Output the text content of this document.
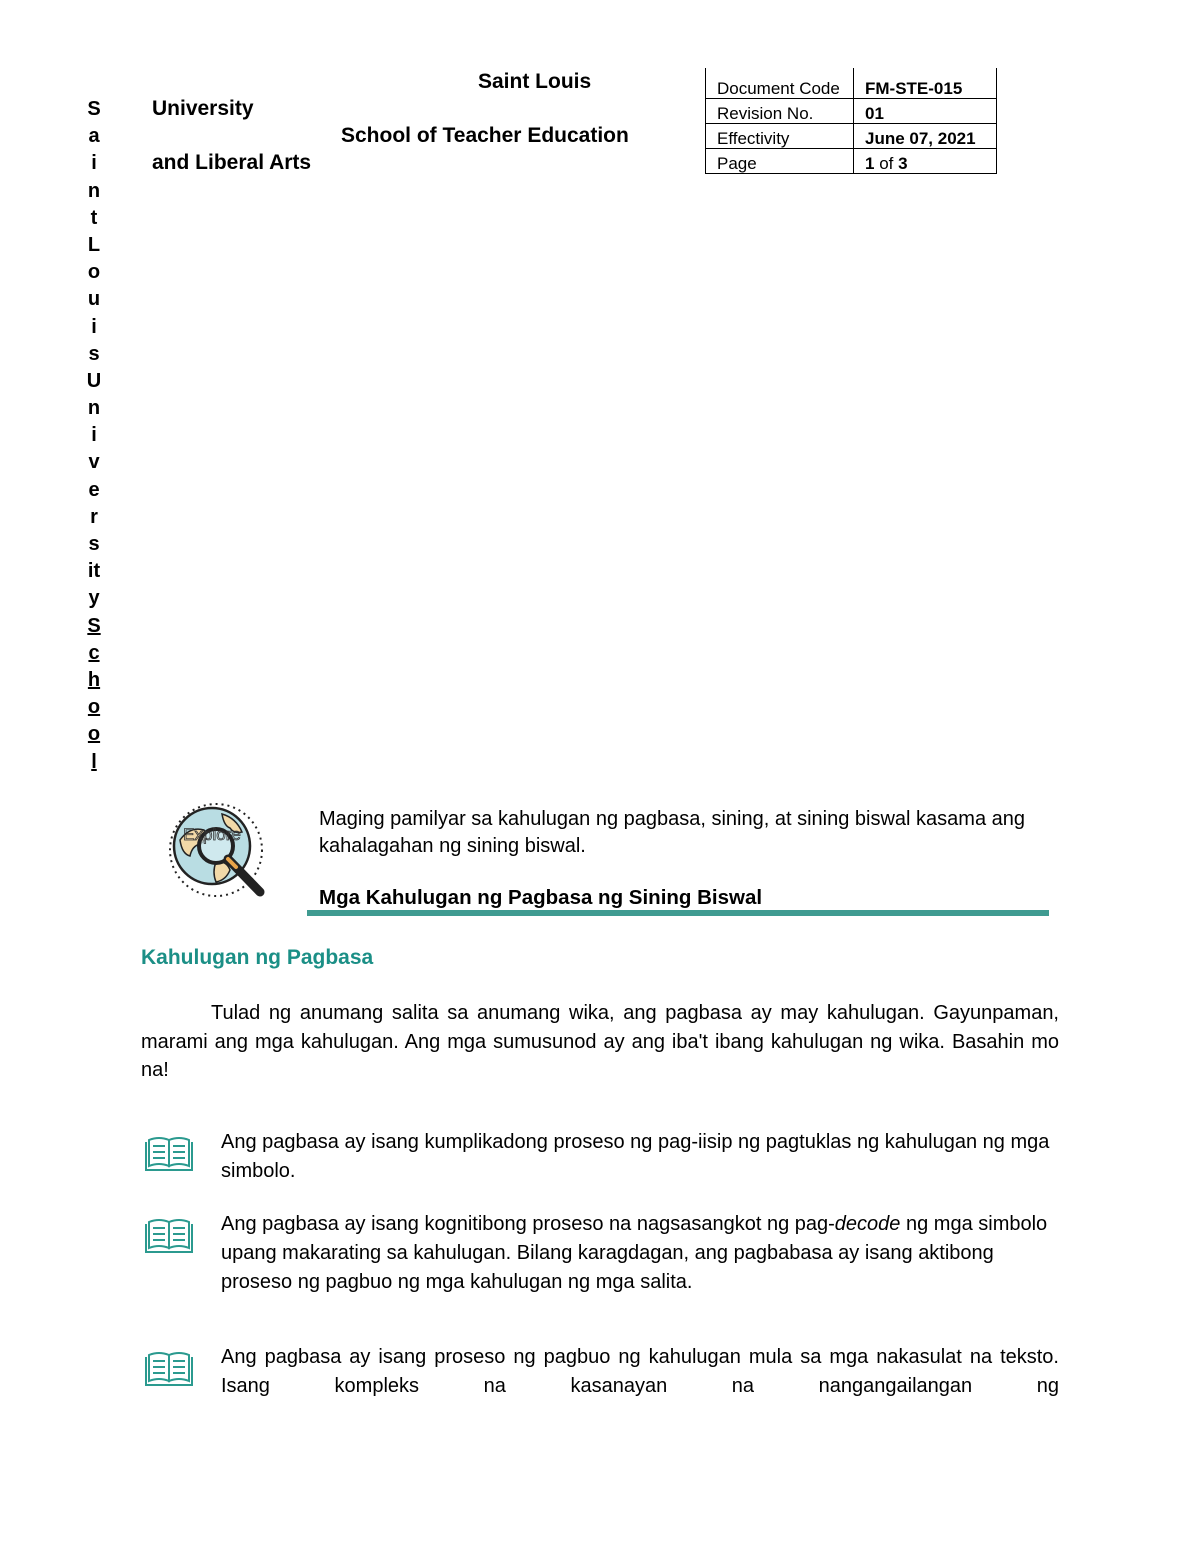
S
a
i
n
t
L
o
u
i
s
U
n
i
v
e
r
s
it
y
S
c
h
o
o
l
Saint Louis
University
School of Teacher Education
and Liberal Arts
Document Code	FM-STE-015
Revision No.	01
Effectivity	June 07, 2021
Page	1 of 3
Explore
Maging pamilyar sa kahulugan ng pagbasa, sining, at sining biswal kasama ang kahalagahan ng sining biswal.
Mga Kahulugan ng Pagbasa ng Sining Biswal
Kahulugan ng Pagbasa
Tulad ng anumang salita sa anumang wika, ang pagbasa ay may kahulugan. Gayunpaman, marami ang mga kahulugan. Ang mga sumusunod ay ang iba't ibang kahulugan ng wika. Basahin mo na!
Ang pagbasa ay isang kumplikadong proseso ng pag-iisip ng pagtuklas ng kahulugan ng mga simbolo.
Ang pagbasa ay isang kognitibong proseso na nagsasangkot ng pag-decode ng mga simbolo upang makarating sa kahulugan. Bilang karagdagan, ang pagbabasa ay isang aktibong proseso ng pagbuo ng mga kahulugan ng mga salita.
Ang pagbasa ay isang proseso ng pagbuo ng kahulugan mula sa mga nakasulat na teksto. Isang kompleks na kasanayan na nangangailangan ng
